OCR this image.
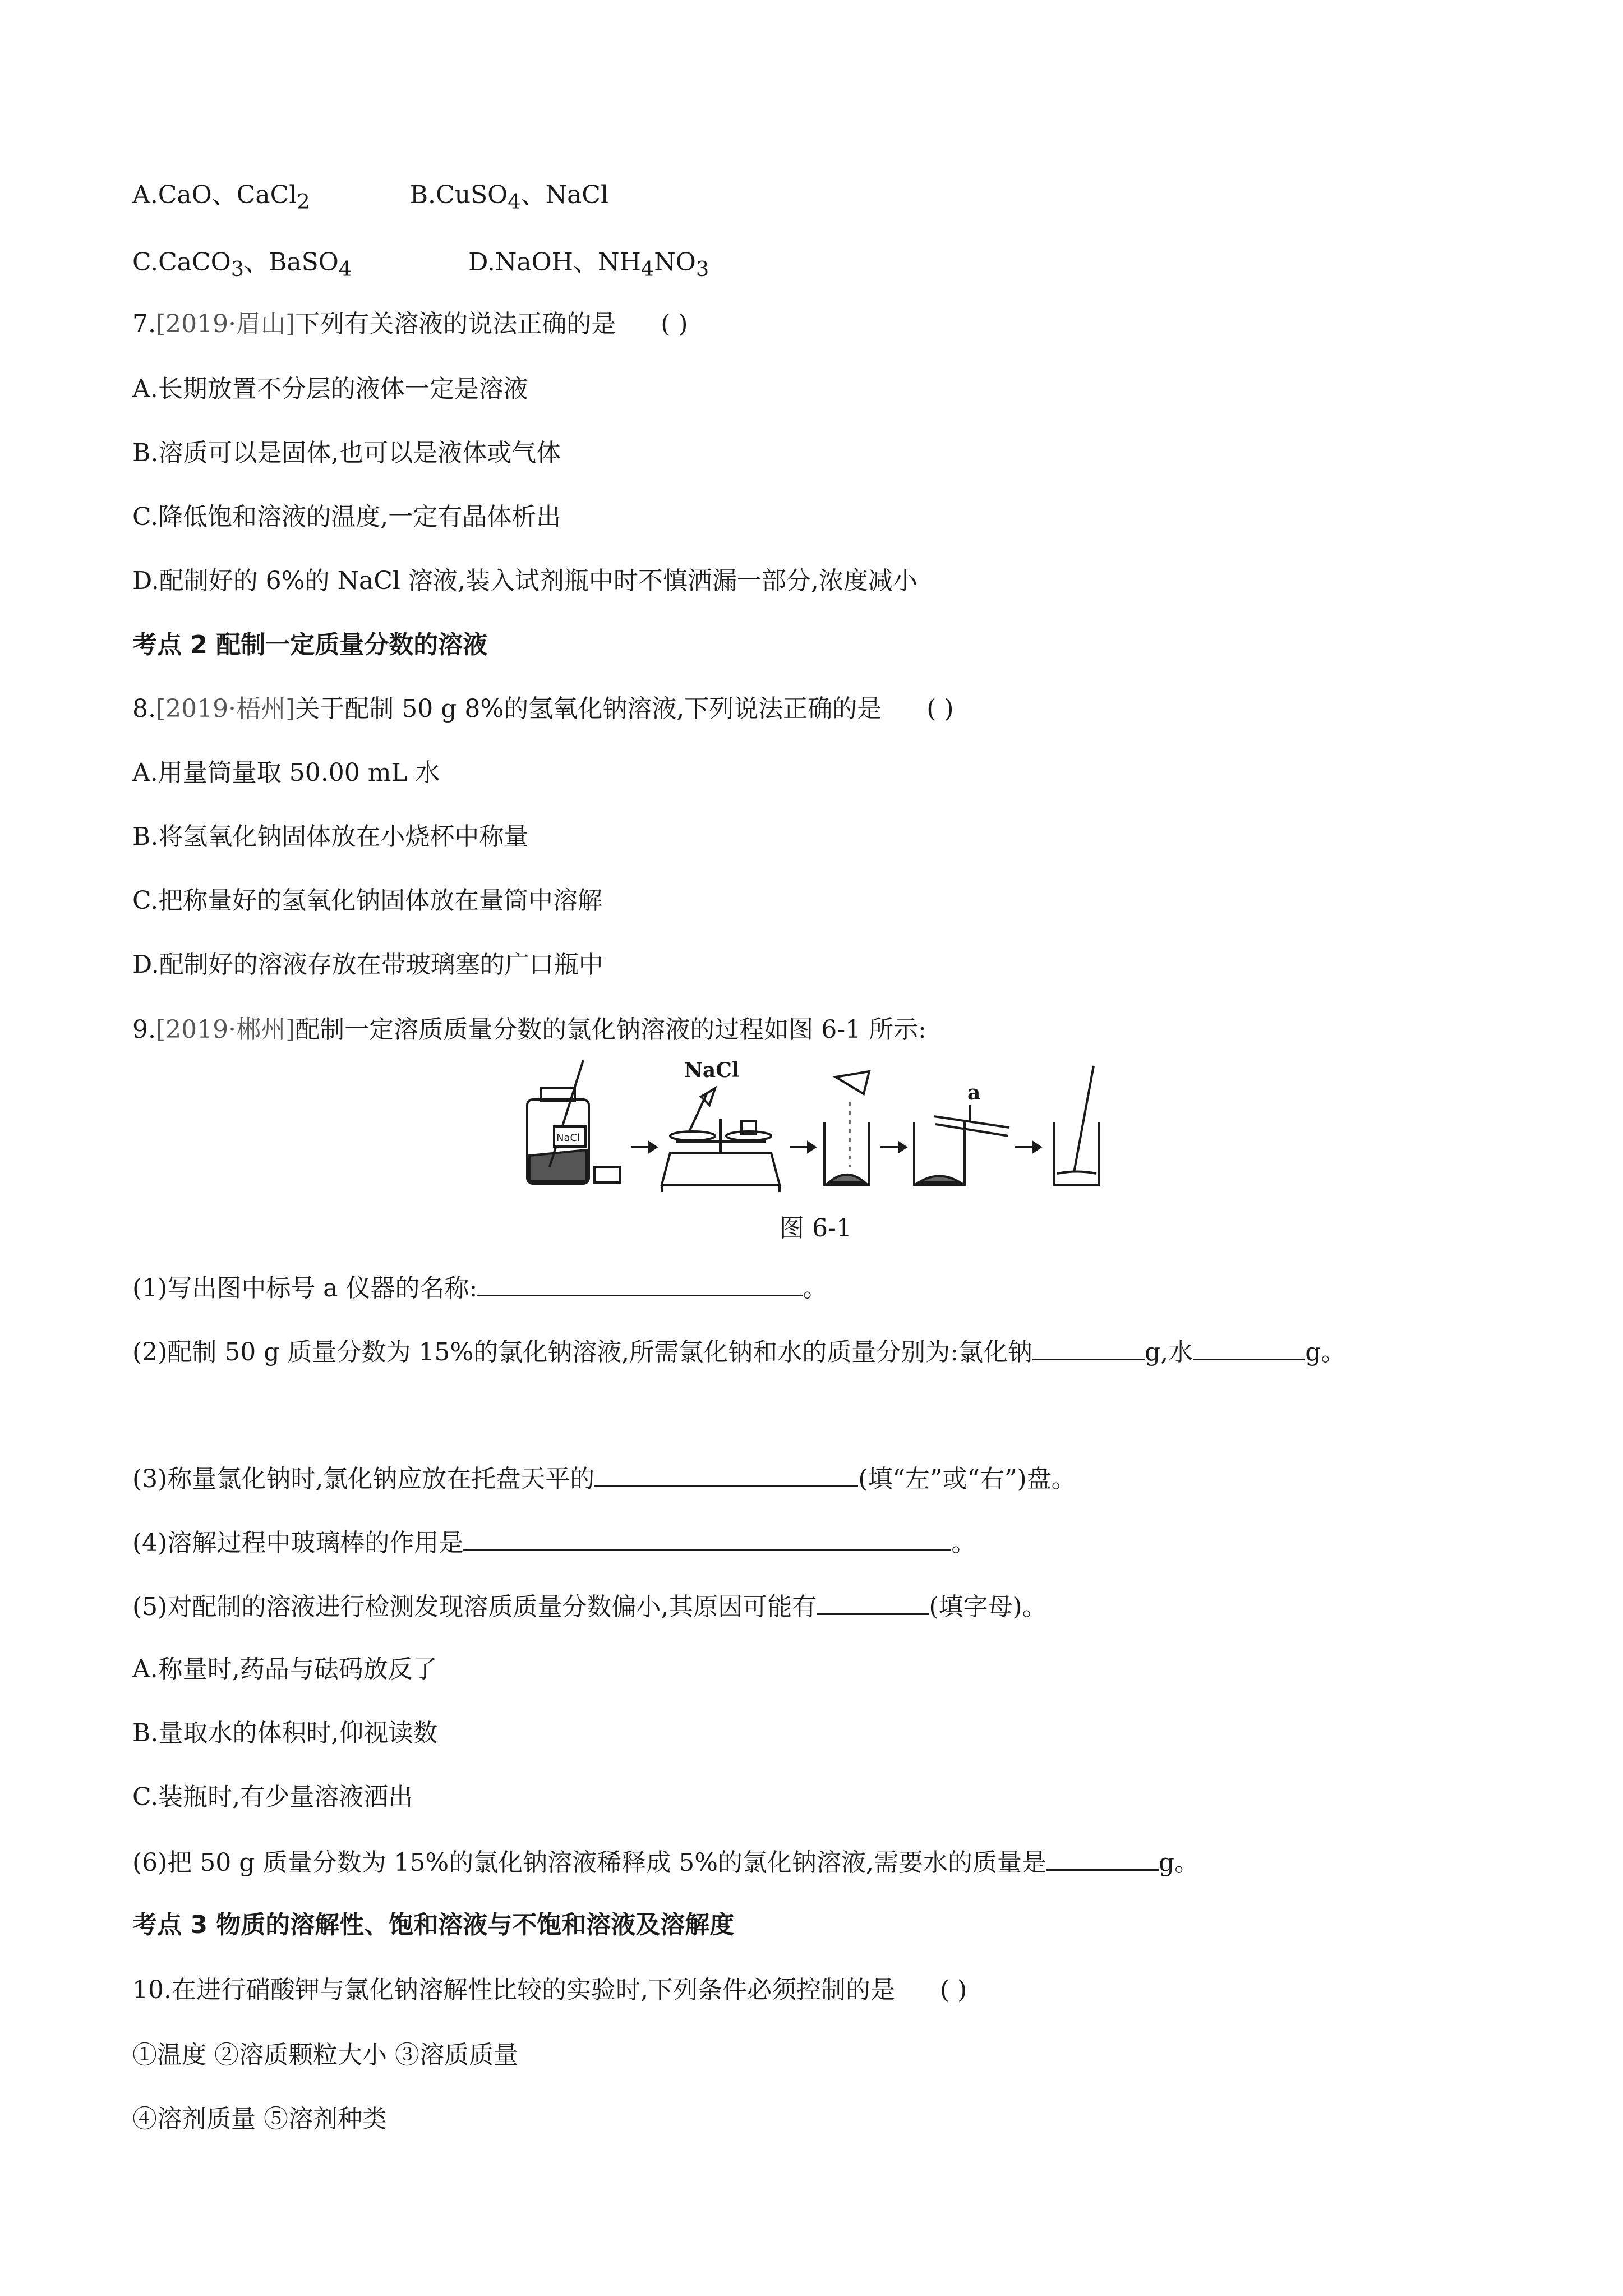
A.CaO、CaCl$_2$	B.CuSO$_4$、NaCl
C.CaCO$_3$、BaSO$_4$	D.NaOH、$NH_4NO_3$
7.[2019·眉山]下列有关溶液的说法正确的是 ( )
A.长期放置不分层的液体一定是溶液
B.溶质可以是固体,也可以是液体或气体
C.降低饱和溶液的温度,一定有晶体析出
D.配制好的 6%的 NaCl 溶液,装入试剂瓶中时不慎洒漏一部分,浓度减小
考点 2 配制一定质量分数的溶液
8.[2019·梧州]关于配制 50 g 8%的氢氧化钠溶液,下列说法正确的是 ( )
A.用量筒量取 50.00 mL 水
B.将氢氧化钠固体放在小烧杯中称量
C.把称量好的氢氧化钠固体放在量筒中溶解
D.配制好的溶液存放在带玻璃塞的广口瓶中
9.[2019·郴州]配制一定溶质质量分数的氯化钠溶液的过程如图 6-1 所示:
NaCl
a
NaCl
图 6-1
(1)写出图中标号 a 仪器的名称:	。
(2)配制 50 g 质量分数为 15%的氯化钠溶液,所需氯化钠和水的质量分别为:氯化钠	g,水	g。
(3)称量氯化钠时,氯化钠应放在托盘天平的	(填“左”或“右”)盘。
(4)溶解过程中玻璃棒的作用是	。
(5)对配制的溶液进行检测发现溶质质量分数偏小,其原因可能有	(填字母)。
A.称量时,药品与砝码放反了
B.量取水的体积时,仰视读数
C.装瓶时,有少量溶液洒出
(6)把 50 g 质量分数为 15%的氯化钠溶液稀释成 5%的氯化钠溶液,需要水的质量是	g。
考点 3 物质的溶解性、饱和溶液与不饱和溶液及溶解度
10.在进行硝酸钾与氯化钠溶解性比较的实验时,下列条件必须控制的是 ( )
①温度 ②溶质颗粒大小 ③溶质质量
④溶剂质量 ⑤溶剂种类
